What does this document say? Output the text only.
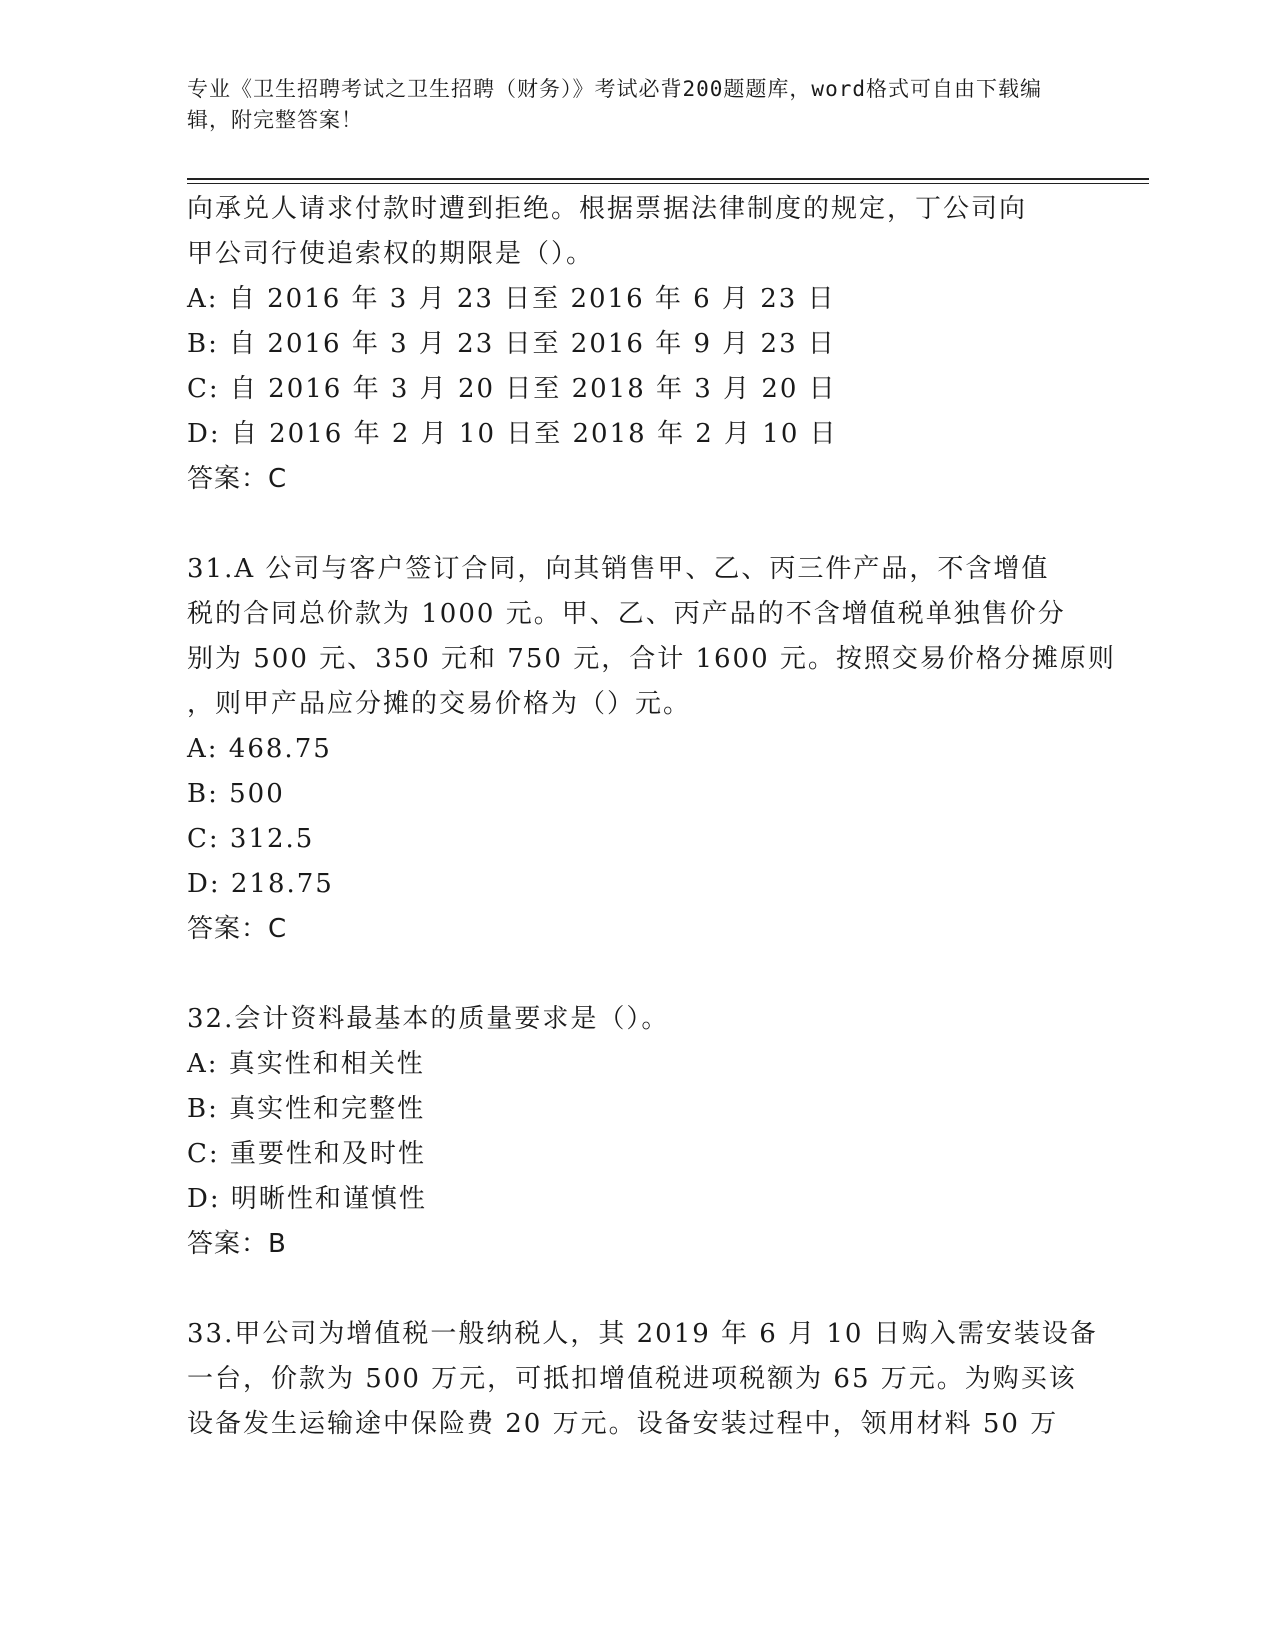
专业《卫生招聘考试之卫生招聘（财务）》考试必背200题题库，word格式可自由下载编辑，附完整答案！
向承兑人请求付款时遭到拒绝。根据票据法律制度的规定，丁公司向
甲公司行使追索权的期限是（）。
A: 自 2016 年 3 月 23 日至 2016 年 6 月 23 日
B: 自 2016 年 3 月 23 日至 2016 年 9 月 23 日
C: 自 2016 年 3 月 20 日至 2018 年 3 月 20 日
D: 自 2016 年 2 月 10 日至 2018 年 2 月 10 日
答案：C
31.A 公司与客户签订合同，向其销售甲、乙、丙三件产品，不含增值
税的合同总价款为 1000 元。甲、乙、丙产品的不含增值税单独售价分
别为 500 元、350 元和 750 元，合计 1600 元。按照交易价格分摊原则
，则甲产品应分摊的交易价格为（）元。
A: 468.75
B: 500
C: 312.5
D: 218.75
答案：C
32.会计资料最基本的质量要求是（）。
A: 真实性和相关性
B: 真实性和完整性
C: 重要性和及时性
D: 明晰性和谨慎性
答案：B
33.甲公司为增值税一般纳税人，其 2019 年 6 月 10 日购入需安装设备
一台，价款为 500 万元，可抵扣增值税进项税额为 65 万元。为购买该
设备发生运输途中保险费 20 万元。设备安装过程中，领用材料 50 万
